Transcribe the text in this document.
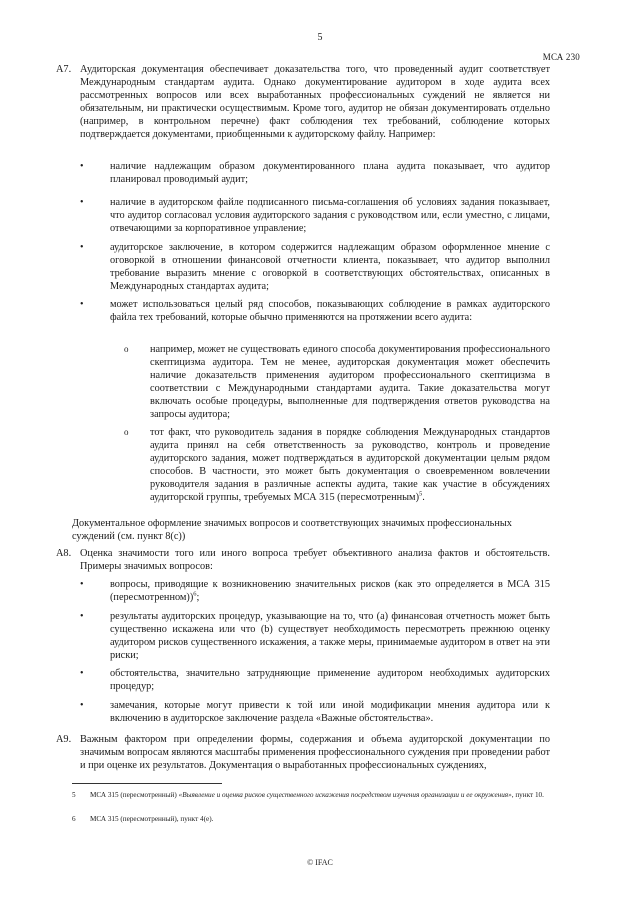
5
МСА 230
A7. Аудиторская документация обеспечивает доказательства того, что проведенный аудит соответствует Международным стандартам аудита. Однако документирование аудитором в ходе аудита всех рассмотренных вопросов или всех выработанных профессиональных суждений не является ни обязательным, ни практически осуществимым. Кроме того, аудитор не обязан документировать отдельно (например, в контрольном перечне) факт соблюдения тех требований, соблюдение которых подтверждается документами, приобщенными к аудиторскому файлу. Например:
•	наличие надлежащим образом документированного плана аудита показывает, что аудитор планировал проводимый аудит;
•	наличие в аудиторском файле подписанного письма-соглашения об условиях задания показывает, что аудитор согласовал условия аудиторского задания с руководством или, если уместно, с лицами, отвечающими за корпоративное управление;
•	аудиторское заключение, в котором содержится надлежащим образом оформленное мнение с оговоркой в отношении финансовой отчетности клиента, показывает, что аудитор выполнил требование выразить мнение с оговоркой в соответствующих обстоятельствах, описанных в Международных стандартах аудита;
•	может использоваться целый ряд способов, показывающих соблюдение в рамках аудиторского файла тех требований, которые обычно применяются на протяжении всего аудита:
o например, может не существовать единого способа документирования профессионального скептицизма аудитора. Тем не менее, аудиторская документация может обеспечить наличие доказательств применения аудитором профессионального скептицизма в соответствии с Международными стандартами аудита. Такие доказательства могут включать особые процедуры, выполненные для подтверждения ответов руководства на запросы аудитора;
o тот факт, что руководитель задания в порядке соблюдения Международных стандартов аудита принял на себя ответственность за руководство, контроль и проведение аудиторского задания, может подтверждаться в аудиторской документации целым рядом способов. В частности, это может быть документация о своевременном вовлечении руководителя задания в различные аспекты аудита, такие как участие в обсуждениях аудиторской группы, требуемых МСА 315 (пересмотренным)$^5$.
Документальное оформление значимых вопросов и соответствующих значимых профессиональных суждений (см. пункт 8(c))
A8. Оценка значимости того или иного вопроса требует объективного анализа фактов и обстоятельств. Примеры значимых вопросов:
•	вопросы, приводящие к возникновению значительных рисков (как это определяется в МСА 315 (пересмотренном))$^6$;
•	результаты аудиторских процедур, указывающие на то, что (a) финансовая отчетность может быть существенно искажена или что (b) существует необходимость пересмотреть прежнюю оценку аудитором рисков существенного искажения, а также меры, принимаемые аудитором в ответ на эти риски;
•	обстоятельства, значительно затрудняющие применение аудитором необходимых аудиторских процедур;
•	замечания, которые могут привести к той или иной модификации мнения аудитора или к включению в аудиторское заключение раздела «Важные обстоятельства».
A9. Важным фактором при определении формы, содержания и объема аудиторской документации по значимым вопросам являются масштабы применения профессионального суждения при проведении работ и при оценке их результатов. Документация о выработанных профессиональных суждениях,
5 МСА 315 (пересмотренный) «Выявление и оценка рисков существенного искажения посредством изучения организации и ее окружения», пункт 10.
6 МСА 315 (пересмотренный), пункт 4(е).
© IFAC
